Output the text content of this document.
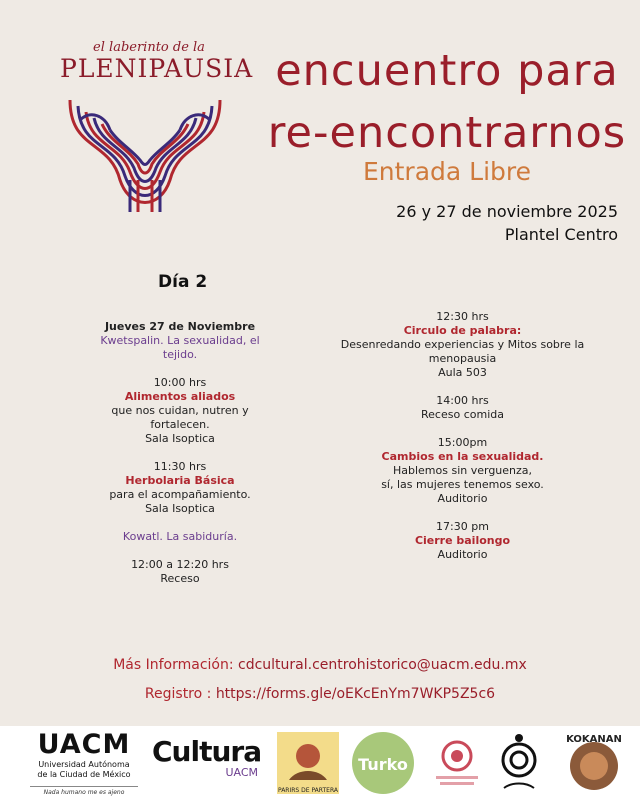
el laberinto de la
PLENIPAUSIA encuentro para
re-encontrarnos
Entrada Libre
26 y 27 de noviembre 2025
Plantel Centro
Día 2
Jueves 27 de Noviembre
Kwetspalin. La sexualidad, el tejido.
10:00 hrs
Alimentos aliados
que nos cuidan, nutren y fortalecen.
Sala Isoptica
11:30 hrs
Herbolaria Básica
para el acompañamiento.
Sala Isoptica
Kowatl. La sabiduría.
12:00 a 12:20 hrs
Receso
12:30 hrs
Circulo de palabra:
Desenredando experiencias y Mitos sobre la menopausia
Aula 503
14:00 hrs
Receso comida
15:00pm
Cambios en la sexualidad.
Hablemos sin verguenza,
sí, las mujeres tenemos sexo.
Auditorio
17:30 pm
Cierre bailongo
Auditorio
Más Información: cdcultural.centrohistorico@uacm.edu.mx
Registro : https://forms.gle/oEKcEnYm7WKP5Z5c6
UACM
Universidad Autónoma
de la Ciudad de México
Nada humano me es ajeno
Cultura
UACM
PARIRS DE PARTERA
Turko
KOKANAN
